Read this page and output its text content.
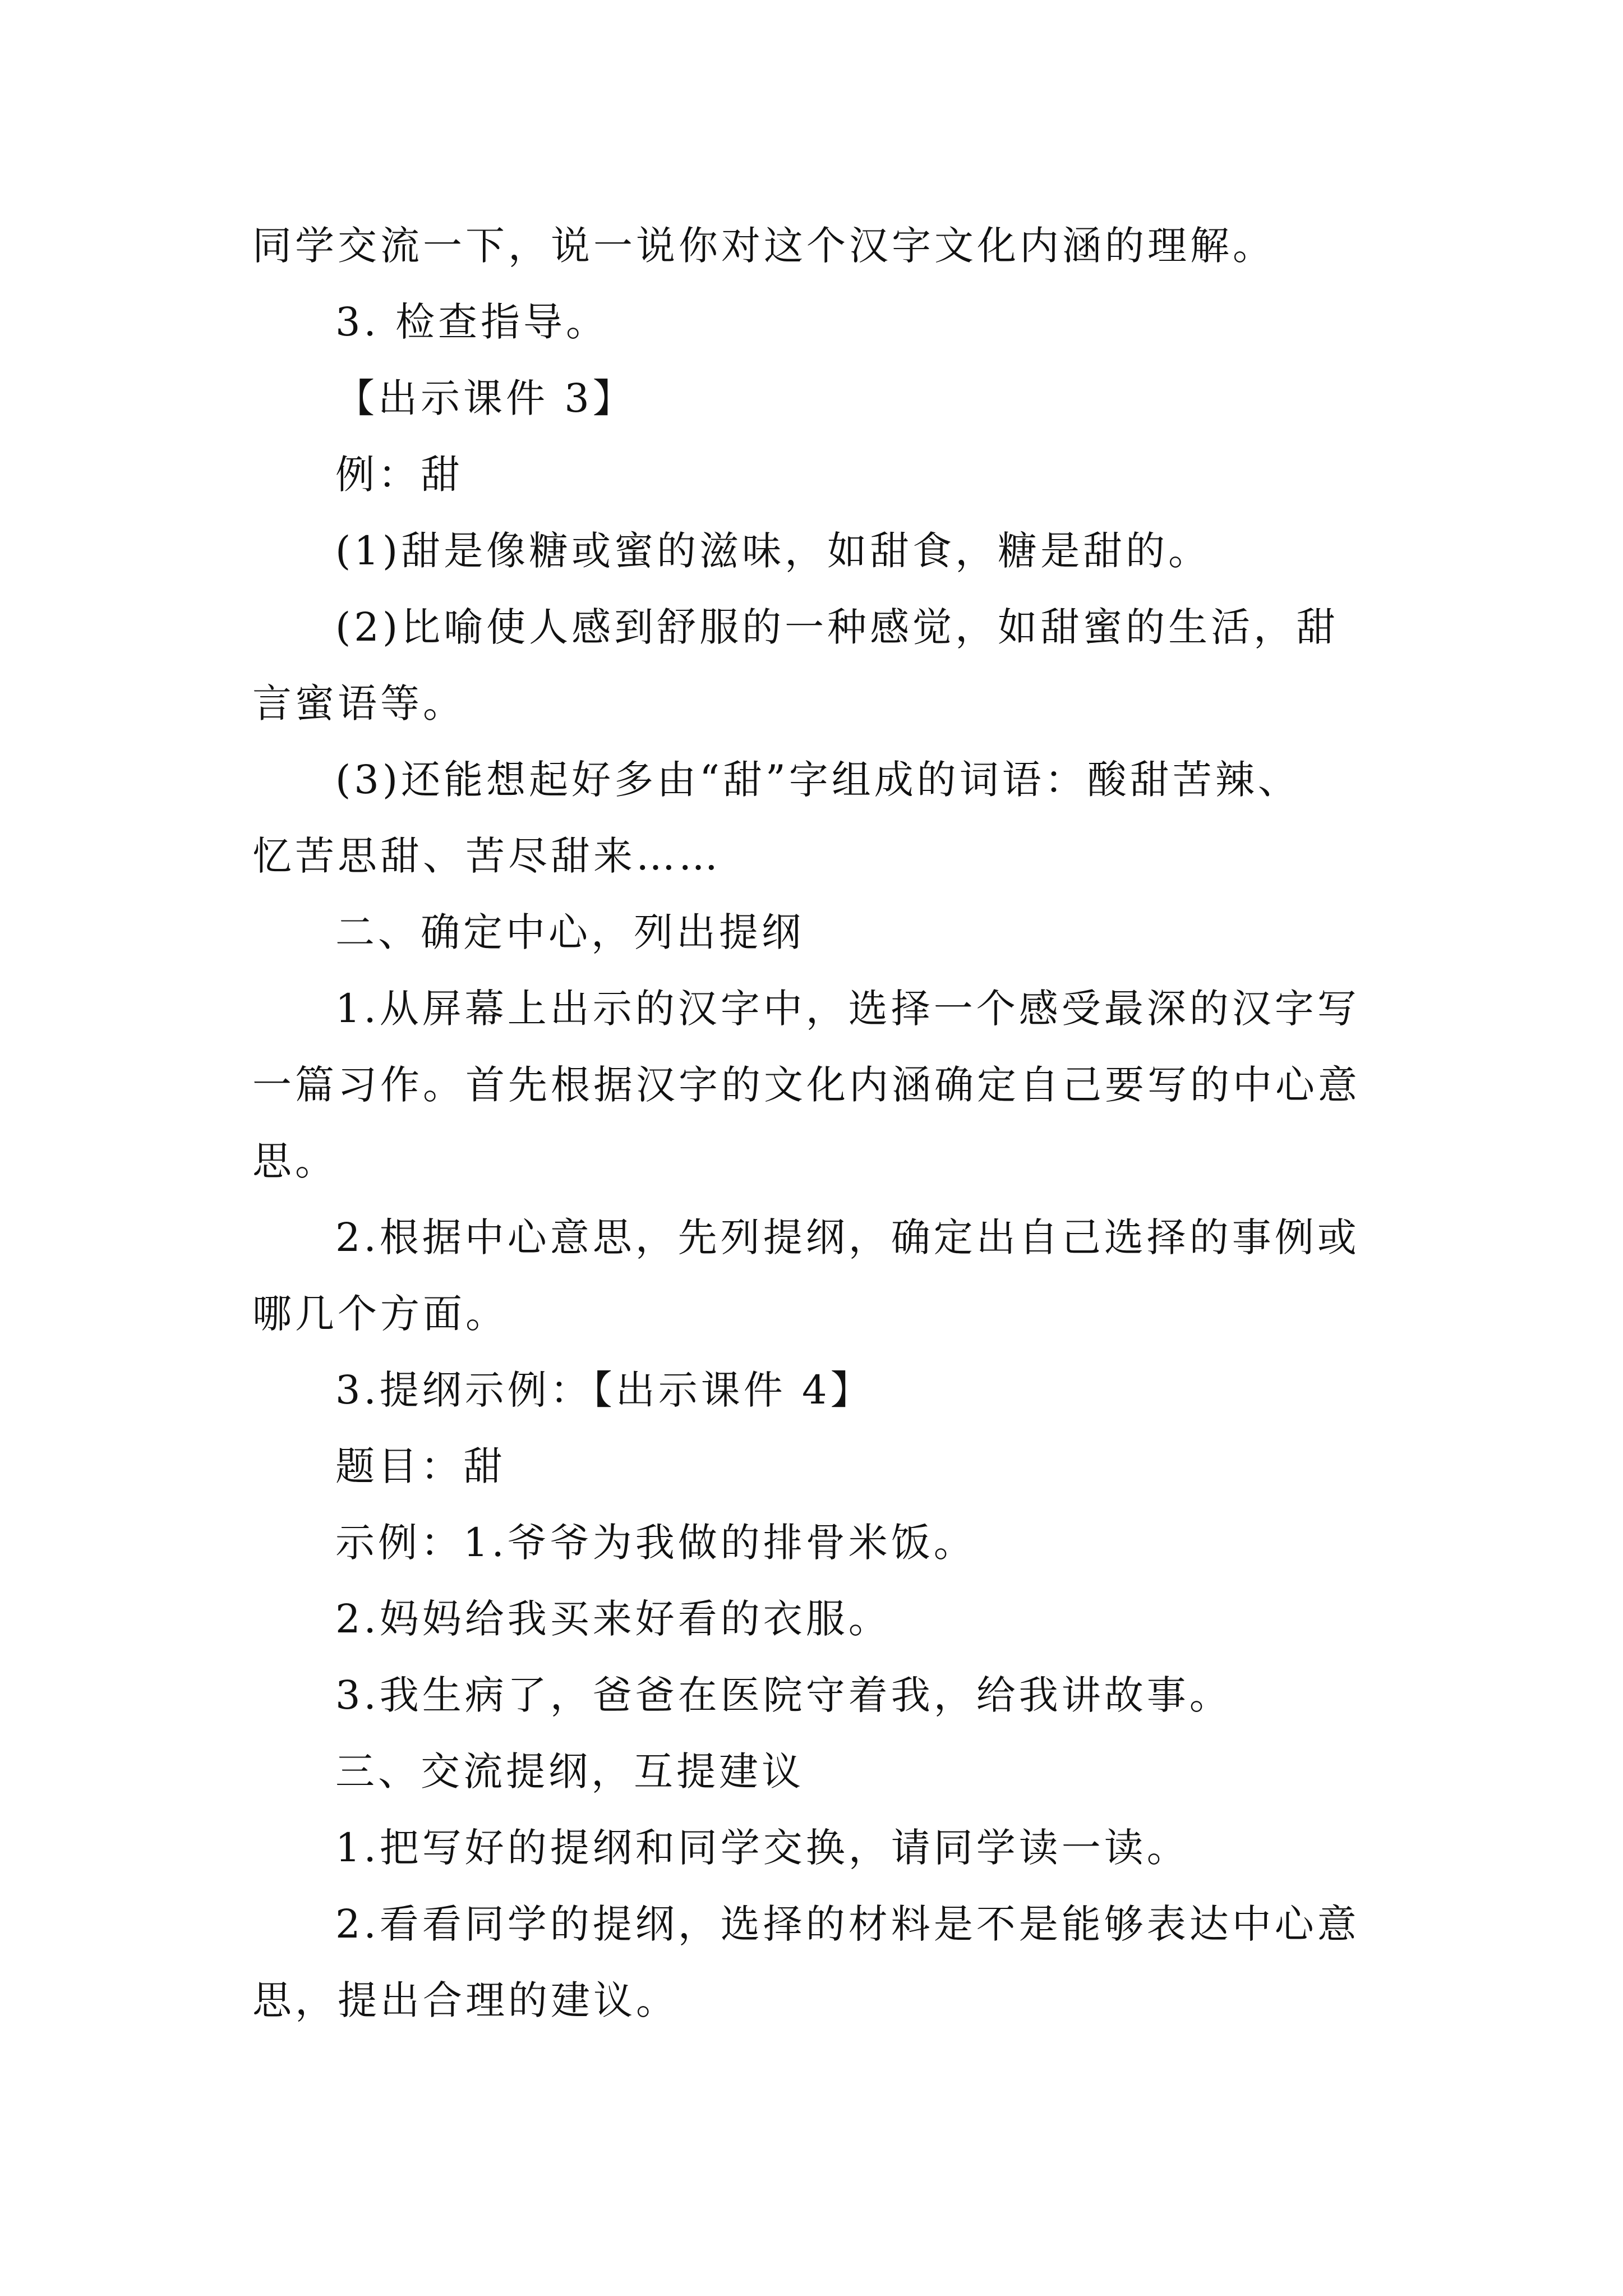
同学交流一下，说一说你对这个汉字文化内涵的理解。
3. 检查指导。
【出示课件 3】
例：甜
(1)甜是像糖或蜜的滋味，如甜食，糖是甜的。
(2)比喻使人感到舒服的一种感觉，如甜蜜的生活，甜
言蜜语等。
(3)还能想起好多由“甜”字组成的词语：酸甜苦辣、
忆苦思甜、苦尽甜来……
二、确定中心，列出提纲
1.从屏幕上出示的汉字中，选择一个感受最深的汉字写
一篇习作。首先根据汉字的文化内涵确定自己要写的中心意
思。
2.根据中心意思，先列提纲，确定出自己选择的事例或
哪几个方面。
3.提纲示例：【出示课件 4】
题目：甜
示例：1.爷爷为我做的排骨米饭。
2.妈妈给我买来好看的衣服。
3.我生病了，爸爸在医院守着我，给我讲故事。
三、交流提纲，互提建议
1.把写好的提纲和同学交换，请同学读一读。
2.看看同学的提纲，选择的材料是不是能够表达中心意
思，提出合理的建议。
